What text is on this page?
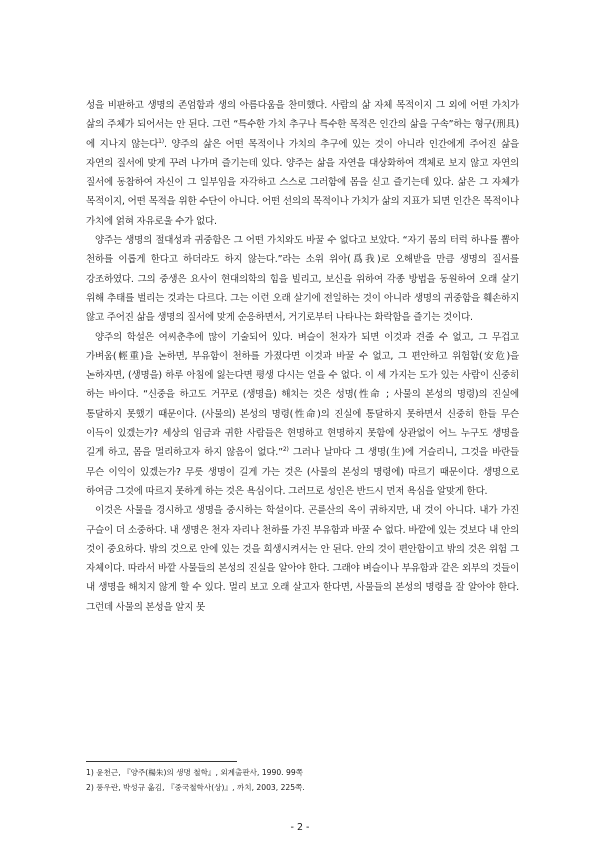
성을 비판하고 생명의 존엄함과 생의 아름다움을 찬미했다. 사람의 삶 자체 목적이지 그 외에 어떤 가치가 삶의 주체가 되어서는 안 된다. 그런 “특수한 가치 추구나 특수한 목적은 인간의 삶을 구속”하는 형구(刑具)에 지나지 않는다$^{1)}$. 양주의 삶은 어떤 목적이나 가치의 추구에 있는 것이 아니라 인간에게 주어진 삶을 자연의 질서에 맞게 꾸려 나가며 즐기는데 있다. 양주는 삶을 자연을 대상화하여 객체로 보지 않고 자연의 질서에 동참하여 자신이 그 일부임을 자각하고 스스로 그러함에 몸을 싣고 즐기는데 있다. 삶은 그 자체가 목적이지, 어떤 목적을 위한 수단이 아니다. 어떤 선의의 목적이나 가치가 삶의 지표가 되면 인간은 목적이나 가치에 얽혀 자유로울 수가 없다.

양주는 생명의 절대성과 귀중함은 그 어떤 가치와도 바꿀 수 없다고 보았다. “자기 몸의 터럭 하나를 뽑아 천하를 이롭게 한다고 하더라도 하지 않는다.”라는 소위 위아(爲我)로 오해받을 만큼 생명의 질서를 강조하였다. 그의 중생은 요사이 현대의학의 힘을 빌리고, 보신을 위하여 각종 방법을 동원하여 오래 살기 위해 추태를 벌리는 것과는 다르다. 그는 이런 오래 살기에 전일하는 것이 아니라 생명의 귀중함을 훼손하지 않고 주어진 삶을 생명의 질서에 맞게 순응하면서, 거기로부터 나타나는 화락함을 즐기는 것이다.

양주의 학설은 여씨춘추에 많이 기술되어 있다. 벼슬이 천자가 되면 이것과 견줄 수 없고, 그 무겁고 가벼움(輕重)을 논하면, 부유함이 천하를 가졌다면 이것과 바꿀 수 없고, 그 편안하고 위험함(安危)을 논하자면, (생명을) 하루 아침에 잃는다면 평생 다시는 얻을 수 없다. 이 세 가지는 도가 있는 사람이 신중히 하는 바이다. “신중을 하고도 거꾸로 (생명을) 해치는 것은 성명(性命 ; 사물의 본성의 명령)의 진실에 통달하지 못했기 때문이다. (사물의) 본성의 명령(性命)의 진실에 통달하지 못하면서 신중히 한들 무슨 이득이 있겠는가? 세상의 임금과 귀한 사람들은 현명하고 현명하지 못함에 상관없이 어느 누구도 생명을 길게 하고, 몸을 멀리하고자 하지 않음이 없다.”$^{2)}$ 그러나 날마다 그 생명(生)에 거슬리니, 그것을 바란들 무슨 이익이 있겠는가? 무릇 생명이 길게 가는 것은 (사물의 본성의 명령에) 따르기 때문이다. 생명으로 하여금 그것에 따르지 못하게 하는 것은 욕심이다. 그러므로 성인은 반드시 먼저 욕심을 알맞게 한다.

이것은 사물을 경시하고 생명을 중시하는 학설이다. 곤륜산의 옥이 귀하지만, 내 것이 아니다. 내가 가진 구슬이 더 소중하다. 내 생명은 천자 자리나 천하를 가진 부유함과 바꿀 수 없다. 바깥에 있는 것보다 내 안의 것이 중요하다. 밖의 것으로 안에 있는 것을 희생시켜서는 안 된다. 안의 것이 편안함이고 밖의 것은 위험 그 자체이다. 따라서 바깥 사물들의 본성의 진실을 알아야 한다. 그래야 벼슬이나 부유함과 같은 외부의 것들이 내 생명을 해치지 않게 할 수 있다. 멀리 보고 오래 살고자 한다면, 사물들의 본성의 명령을 잘 알아야 한다. 그런데 사물의 본성을 알지 못

1) 윤천근, 『양주(楊朱)의 생명 철학』, 외계출판사, 1990. 99쪽

2) 풍우란, 박성규 옮김, 『중국철학사(상)』, 까치, 2003, 225쪽.

- 2 -
